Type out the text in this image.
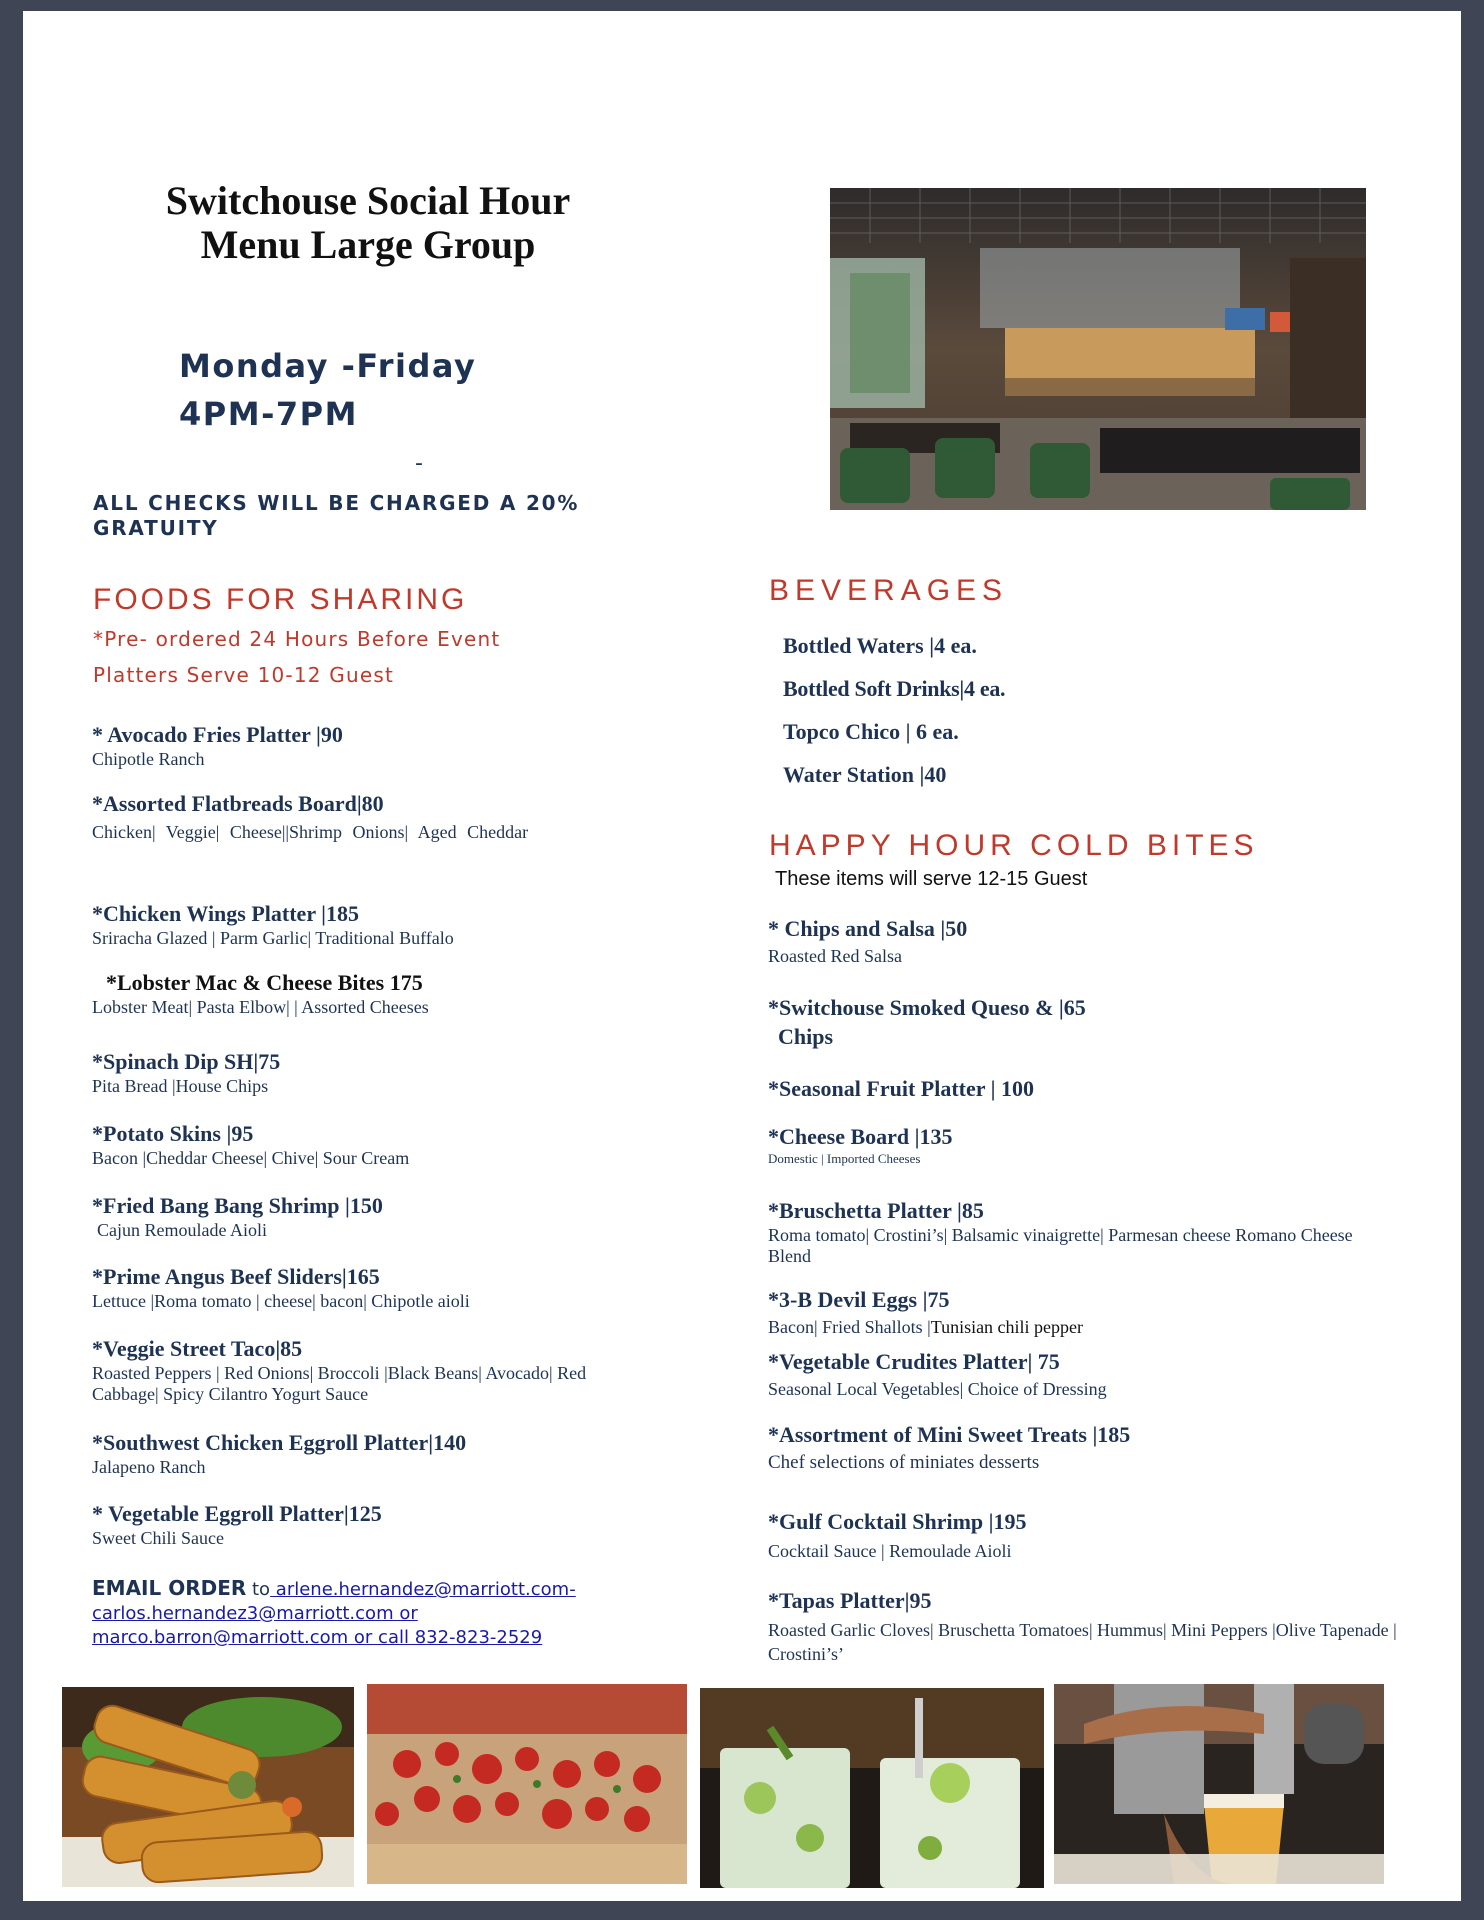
Switchouse Social Hour
Menu Large Group

Monday -Friday

4PM-7PM

-

ALL CHECKS WILL BE CHARGED A 20% GRATUITY

FOODS FOR SHARING

*Pre- ordered 24 Hours Before Event

Platters Serve 10-12 Guest

* Avocado Fries Platter |90

Chipotle Ranch

*Assorted Flatbreads Board|80

Chicken| Veggie| Cheese||Shrimp Onions| Aged Cheddar

*Chicken Wings Platter |185

Sriracha Glazed | Parm Garlic| Traditional Buffalo

*Lobster Mac & Cheese Bites 175

Lobster Meat| Pasta Elbow| | Assorted Cheeses

*Spinach Dip SH|75

Pita Bread |House Chips

*Potato Skins |95

Bacon |Cheddar Cheese| Chive| Sour Cream

*Fried Bang Bang Shrimp |150

Cajun Remoulade Aioli

*Prime Angus Beef Sliders|165

Lettuce |Roma tomato | cheese| bacon| Chipotle aioli

*Veggie Street Taco|85

Roasted Peppers | Red Onions| Broccoli |Black Beans| Avocado| Red Cabbage| Spicy Cilantro Yogurt Sauce

*Southwest Chicken Eggroll Platter|140

Jalapeno Ranch

* Vegetable Eggroll Platter|125

Sweet Chili Sauce

EMAIL ORDER to arlene.hernandez@marriott.com-
carlos.hernandez3@marriott.com or
marco.barron@marriott.com or call 832-823-2529

BEVERAGES

Bottled Waters |4 ea.

Bottled Soft Drinks|4 ea.

Topco Chico | 6 ea.

Water Station |40

HAPPY HOUR COLD BITES

These items will serve 12-15 Guest

* Chips and Salsa |50

Roasted Red Salsa

*Switchouse Smoked Queso & |65

Chips

*Seasonal Fruit Platter | 100

*Cheese Board |135

Domestic | Imported Cheeses

*Bruschetta Platter |85

Roma tomato| Crostini’s| Balsamic vinaigrette| Parmesan cheese Romano Cheese Blend

*3-B Devil Eggs |75

Bacon| Fried Shallots |Tunisian chili pepper

*Vegetable Crudites Platter| 75

Seasonal Local Vegetables| Choice of Dressing

*Assortment of Mini Sweet Treats |185

Chef selections of miniates desserts

*Gulf Cocktail Shrimp |195

Cocktail Sauce | Remoulade Aioli

*Tapas Platter|95

Roasted Garlic Cloves| Bruschetta Tomatoes| Hummus| Mini Peppers |Olive Tapenade | Crostini’s’
